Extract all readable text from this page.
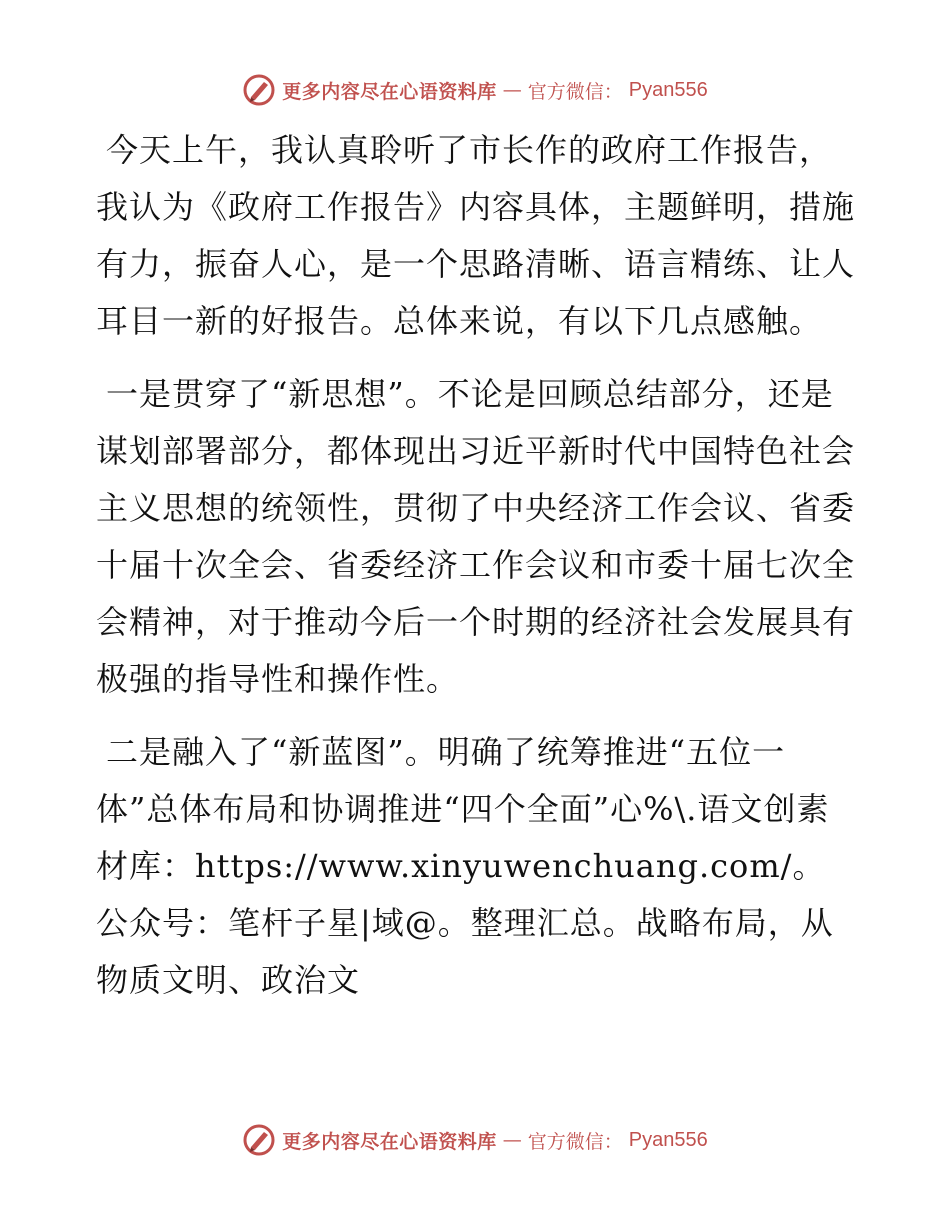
更多内容尽在心语资料库 — 官方微信： Pyan556

今天上午，我认真聆听了市长作的政府工作报告，我认为《政府工作报告》内容具体，主题鲜明，措施有力，振奋人心，是一个思路清晰、语言精练、让人耳目一新的好报告。总体来说，有以下几点感触。

一是贯穿了“新思想”。不论是回顾总结部分，还是谋划部署部分，都体现出习近平新时代中国特色社会主义思想的统领性，贯彻了中央经济工作会议、省委十届十次全会、省委经济工作会议和市委十届七次全会精神，对于推动今后一个时期的经济社会发展具有极强的指导性和操作性。

二是融入了“新蓝图”。明确了统筹推进“五位一体”总体布局和协调推进“四个全面”心%\.语文创素材库：https://www.xinyuwenchuang.com/。公众号：笔杆子星|域@。整理汇总。战略布局，从物质文明、政治文

更多内容尽在心语资料库 — 官方微信： Pyan556
